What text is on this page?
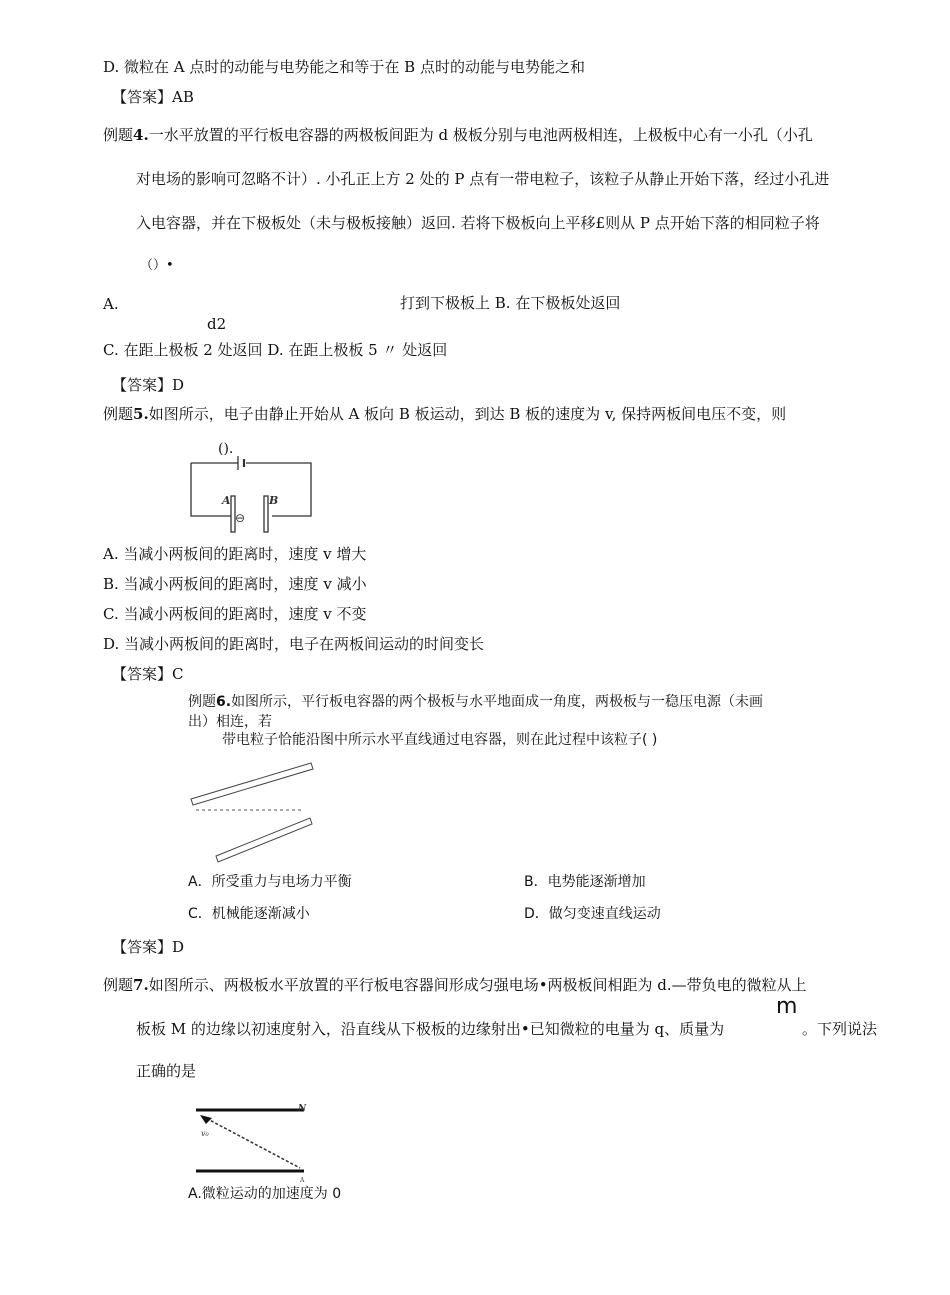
D. 微粒在 A 点时的动能与电势能之和等于在 B 点时的动能与电势能之和
【答案】AB
例题4.一水平放置的平行板电容器的两极板间距为 d 极板分别与电池两极相连，上极板中心有一小孔（小孔
对电场的影响可忽略不计）. 小孔正上方 2 处的 P 点有一带电粒子，该粒子从静止开始下落，经过小孔进
入电容器，并在下极板处（未与极板接触）返回. 若将下极板向上平移£则从 P 点开始下落的相同粒子将
（）•
A.	打到下极板上 B. 在下极板处返回
d2
C. 在距上极板 2 处返回 D. 在距上极板 5 〃 处返回
【答案】D
例题5.如图所示，电子由静止开始从 A 板向 B 板运动，到达 B 板的速度为 v, 保持两板间电压不变，则
().
A	B
⊖
A. 当减小两板间的距离时，速度 v 增大
B. 当减小两板间的距离时，速度 v 减小
C. 当减小两板间的距离时，速度 v 不变
D. 当减小两板间的距离时，电子在两板间运动的时间变长
【答案】C
例题6.如图所示，平行板电容器的两个极板与水平地面成一角度，两极板与一稳压电源（未画
出）相连，若
带电粒子恰能沿图中所示水平直线通过电容器，则在此过程中该粒子( )
A．所受重力与电场力平衡	B．电势能逐渐增加
C．机械能逐渐减小	D．做匀变速直线运动
【答案】D
例题7.如图所示、两极板水平放置的平行板电容器间形成匀强电场•两极板间相距为 d.—带负电的微粒从上
m
板板 M 的边缘以初速度射入，沿直线从下极板的边缘射出•已知微粒的电量为 q、质量为	。下列说法
正确的是
N
v₀
A
A.微粒运动的加速度为 0
